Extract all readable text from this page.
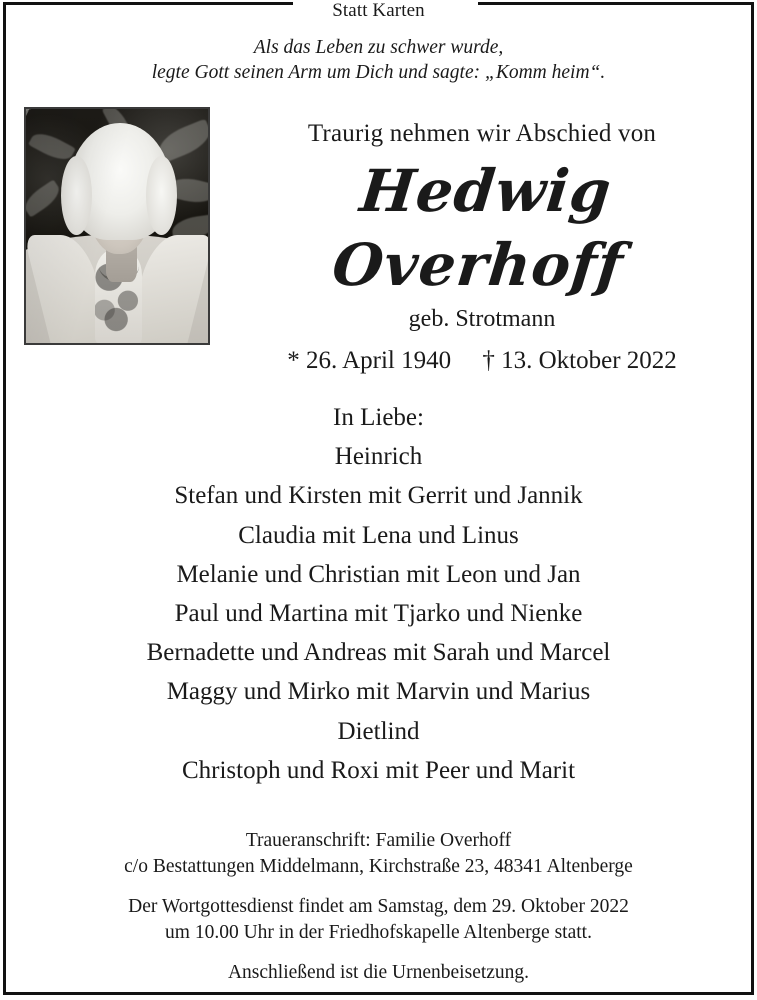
Statt Karten
Als das Leben zu schwer wurde,
legte Gott seinen Arm um Dich und sagte: „Komm heim“.
Traurig nehmen wir Abschied von
Hedwig Overhoff
geb. Strotmann
* 26. April 1940     † 13. Oktober 2022
In Liebe:
Heinrich
Stefan und Kirsten mit Gerrit und Jannik
Claudia mit Lena und Linus
Melanie und Christian mit Leon und Jan
Paul und Martina mit Tjarko und Nienke
Bernadette und Andreas mit Sarah und Marcel
Maggy und Mirko mit Marvin und Marius
Dietlind
Christoph und Roxi mit Peer und Marit
Traueranschrift: Familie Overhoff
c/o Bestattungen Middelmann, Kirchstraße 23, 48341 Altenberge
Der Wortgottesdienst findet am Samstag, dem 29. Oktober 2022
um 10.00 Uhr in der Friedhofskapelle Altenberge statt.
Anschließend ist die Urnenbeisetzung.
